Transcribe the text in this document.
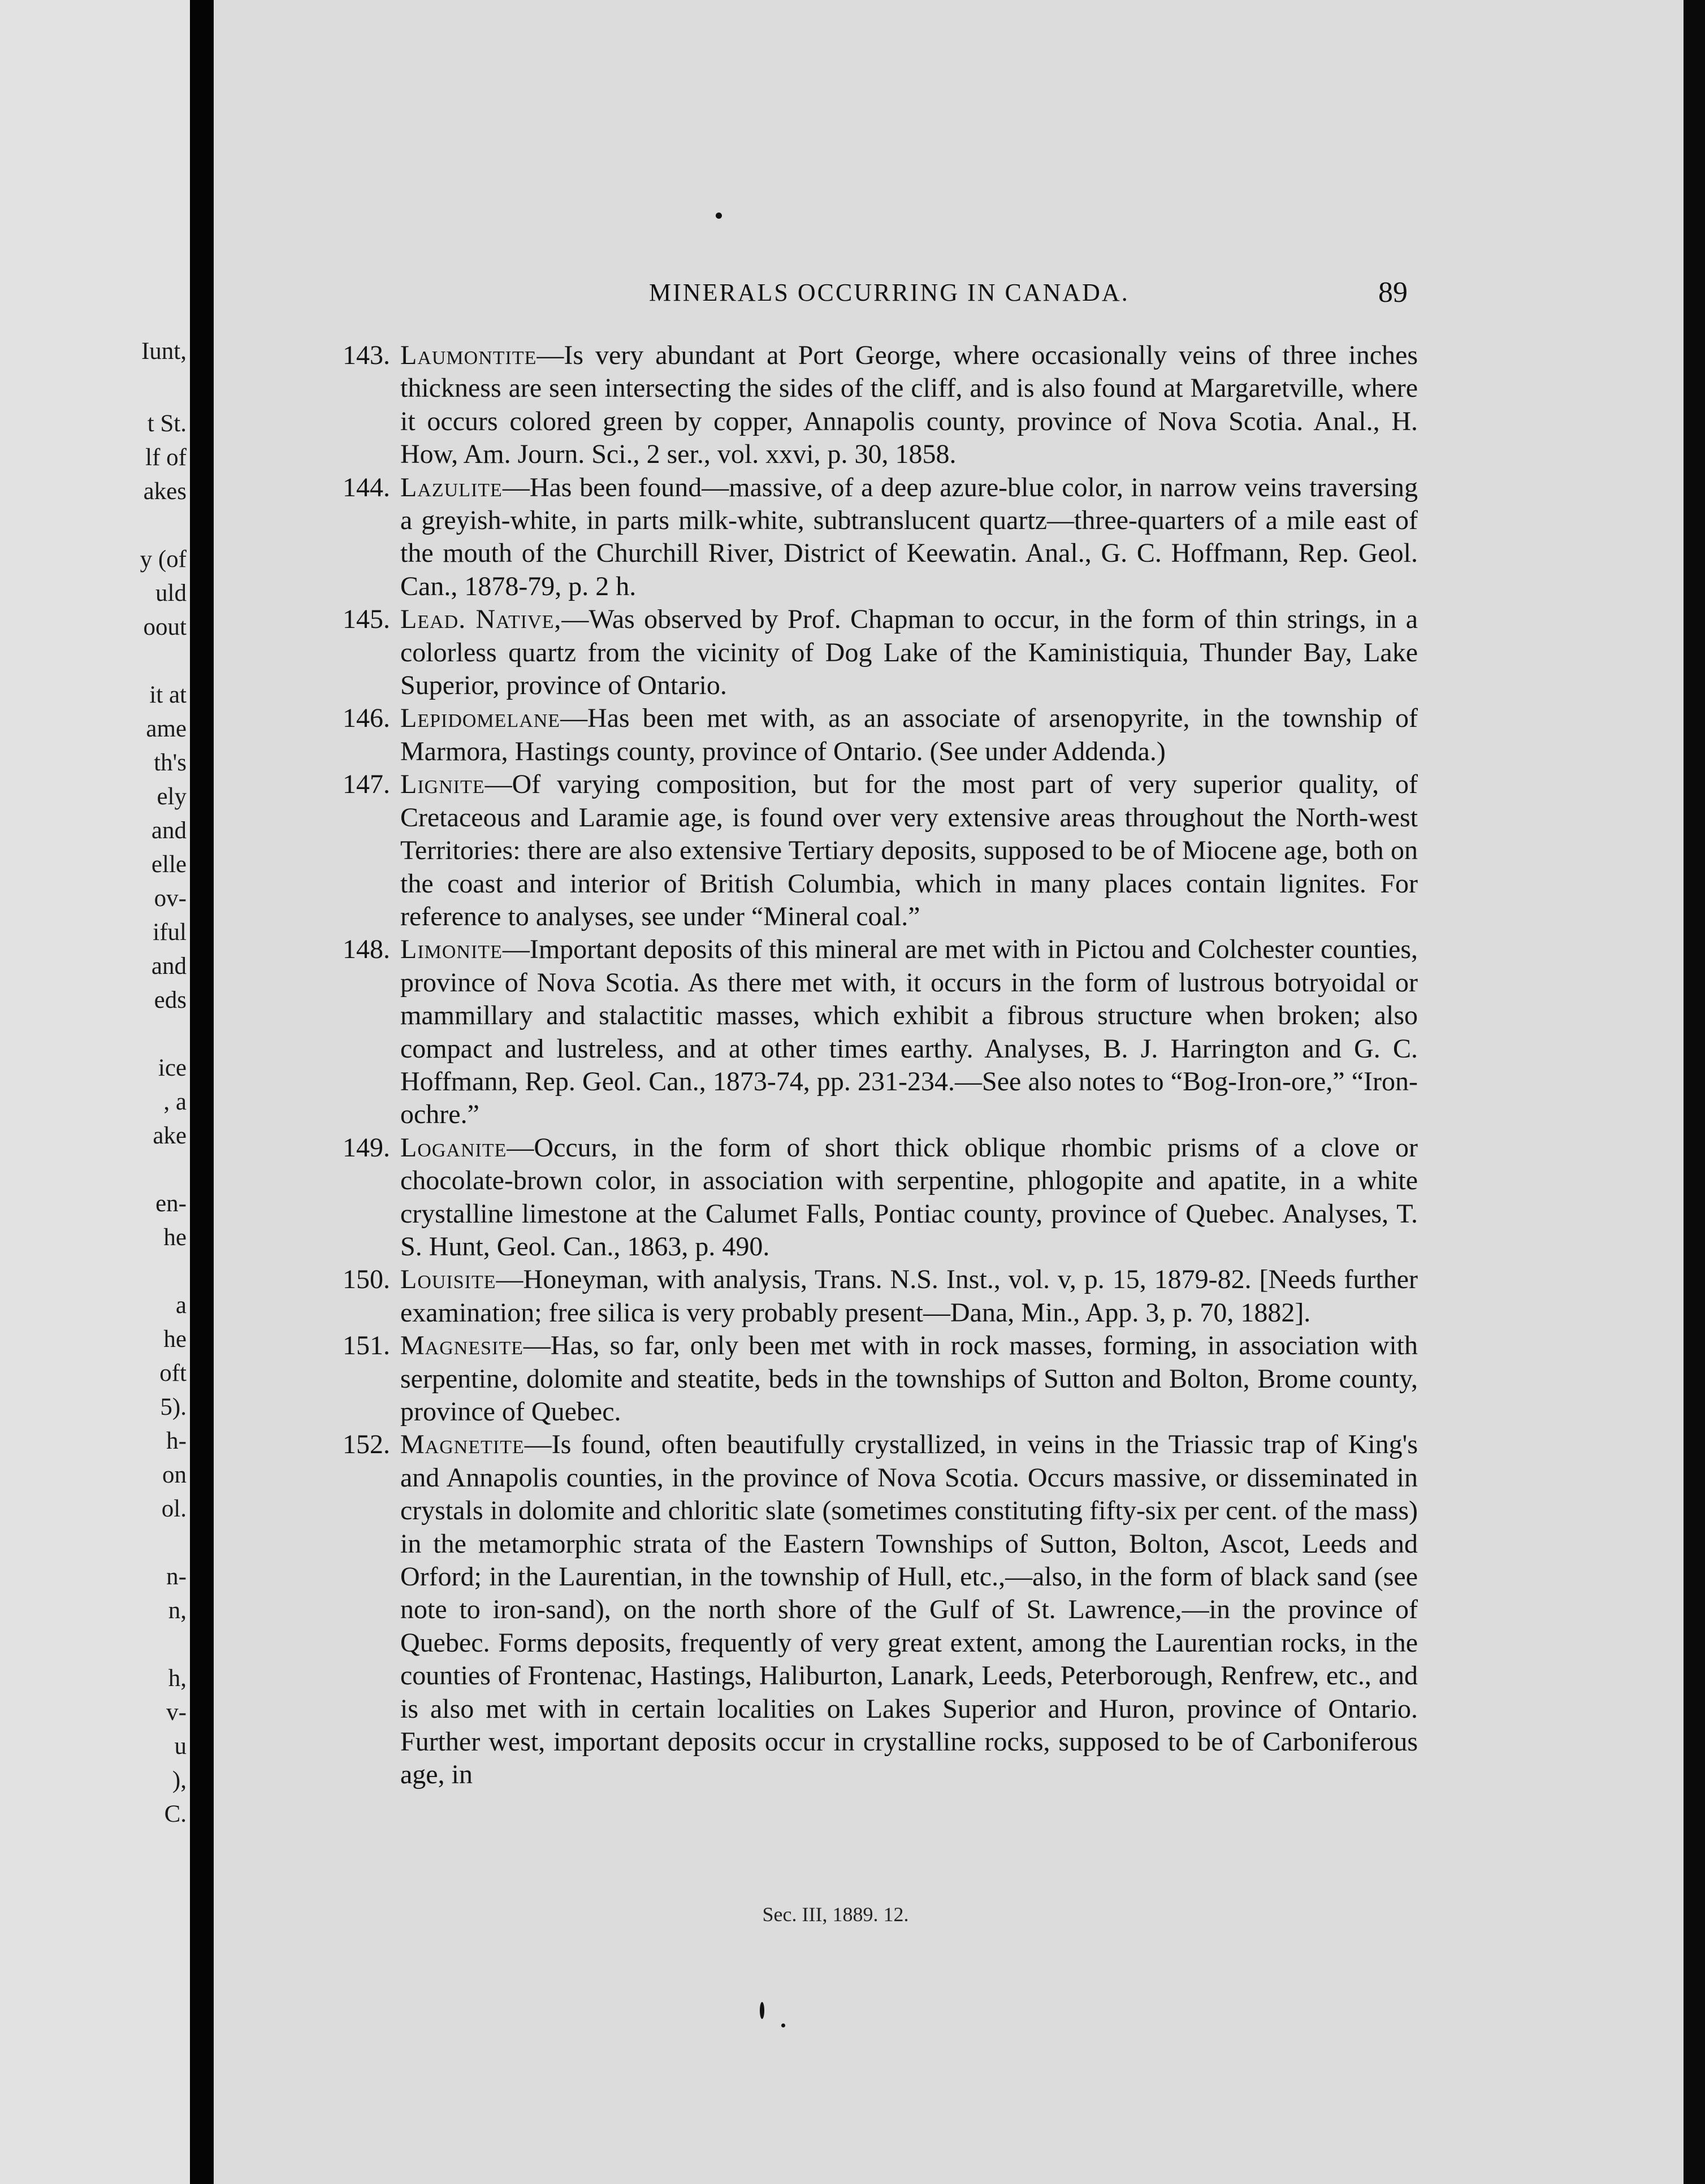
Iunt,
t St.
lf of
akes
y (of
uld
oout
it at
ame
th's
ely
and
elle
ov-
iful
and
eds
ice
, a
ake
en-
he
a
he
oft
5).
h-
on
ol.
n-
n,
h,
v-
u
),
C.
MINERALS OCCURRING IN CANADA.	89
143. Laumontite—Is very abundant at Port George, where occasionally veins of three inches thickness are seen intersecting the sides of the cliff, and is also found at Margaretville, where it occurs colored green by copper, Annapolis county, province of Nova Scotia. Anal., H. How, Am. Journ. Sci., 2 ser., vol. xxvi, p. 30, 1858.
144. Lazulite—Has been found—massive, of a deep azure-blue color, in narrow veins traversing a greyish-white, in parts milk-white, subtranslucent quartz—three-quarters of a mile east of the mouth of the Churchill River, District of Keewatin. Anal., G. C. Hoffmann, Rep. Geol. Can., 1878-79, p. 2 h.
145. Lead. Native,—Was observed by Prof. Chapman to occur, in the form of thin strings, in a colorless quartz from the vicinity of Dog Lake of the Kaministiquia, Thunder Bay, Lake Superior, province of Ontario.
146. Lepidomelane—Has been met with, as an associate of arsenopyrite, in the township of Marmora, Hastings county, province of Ontario. (See under Addenda.)
147. Lignite—Of varying composition, but for the most part of very superior quality, of Cretaceous and Laramie age, is found over very extensive areas throughout the North-west Territories: there are also extensive Tertiary deposits, supposed to be of Miocene age, both on the coast and interior of British Columbia, which in many places contain lignites. For reference to analyses, see under “Mineral coal.”
148. Limonite—Important deposits of this mineral are met with in Pictou and Colchester counties, province of Nova Scotia. As there met with, it occurs in the form of lustrous botryoidal or mammillary and stalactitic masses, which exhibit a fibrous structure when broken; also compact and lustreless, and at other times earthy. Analyses, B. J. Harrington and G. C. Hoffmann, Rep. Geol. Can., 1873-74, pp. 231-234.—See also notes to “Bog-Iron-ore,” “Iron-ochre.”
149. Loganite—Occurs, in the form of short thick oblique rhombic prisms of a clove or chocolate-brown color, in association with serpentine, phlogopite and apatite, in a white crystalline limestone at the Calumet Falls, Pontiac county, province of Quebec. Analyses, T. S. Hunt, Geol. Can., 1863, p. 490.
150. Louisite—Honeyman, with analysis, Trans. N.S. Inst., vol. v, p. 15, 1879-82. [Needs further examination; free silica is very probably present—Dana, Min., App. 3, p. 70, 1882].
151. Magnesite—Has, so far, only been met with in rock masses, forming, in association with serpentine, dolomite and steatite, beds in the townships of Sutton and Bolton, Brome county, province of Quebec.
152. Magnetite—Is found, often beautifully crystallized, in veins in the Triassic trap of King's and Annapolis counties, in the province of Nova Scotia. Occurs massive, or disseminated in crystals in dolomite and chloritic slate (sometimes constituting fifty-six per cent. of the mass) in the metamorphic strata of the Eastern Townships of Sutton, Bolton, Ascot, Leeds and Orford; in the Laurentian, in the township of Hull, etc.,—also, in the form of black sand (see note to iron-sand), on the north shore of the Gulf of St. Lawrence,—in the province of Quebec. Forms deposits, frequently of very great extent, among the Laurentian rocks, in the counties of Frontenac, Hastings, Haliburton, Lanark, Leeds, Peterborough, Renfrew, etc., and is also met with in certain localities on Lakes Superior and Huron, province of Ontario. Further west, important deposits occur in crystalline rocks, supposed to be of Carboniferous age, in
Sec. III, 1889. 12.
